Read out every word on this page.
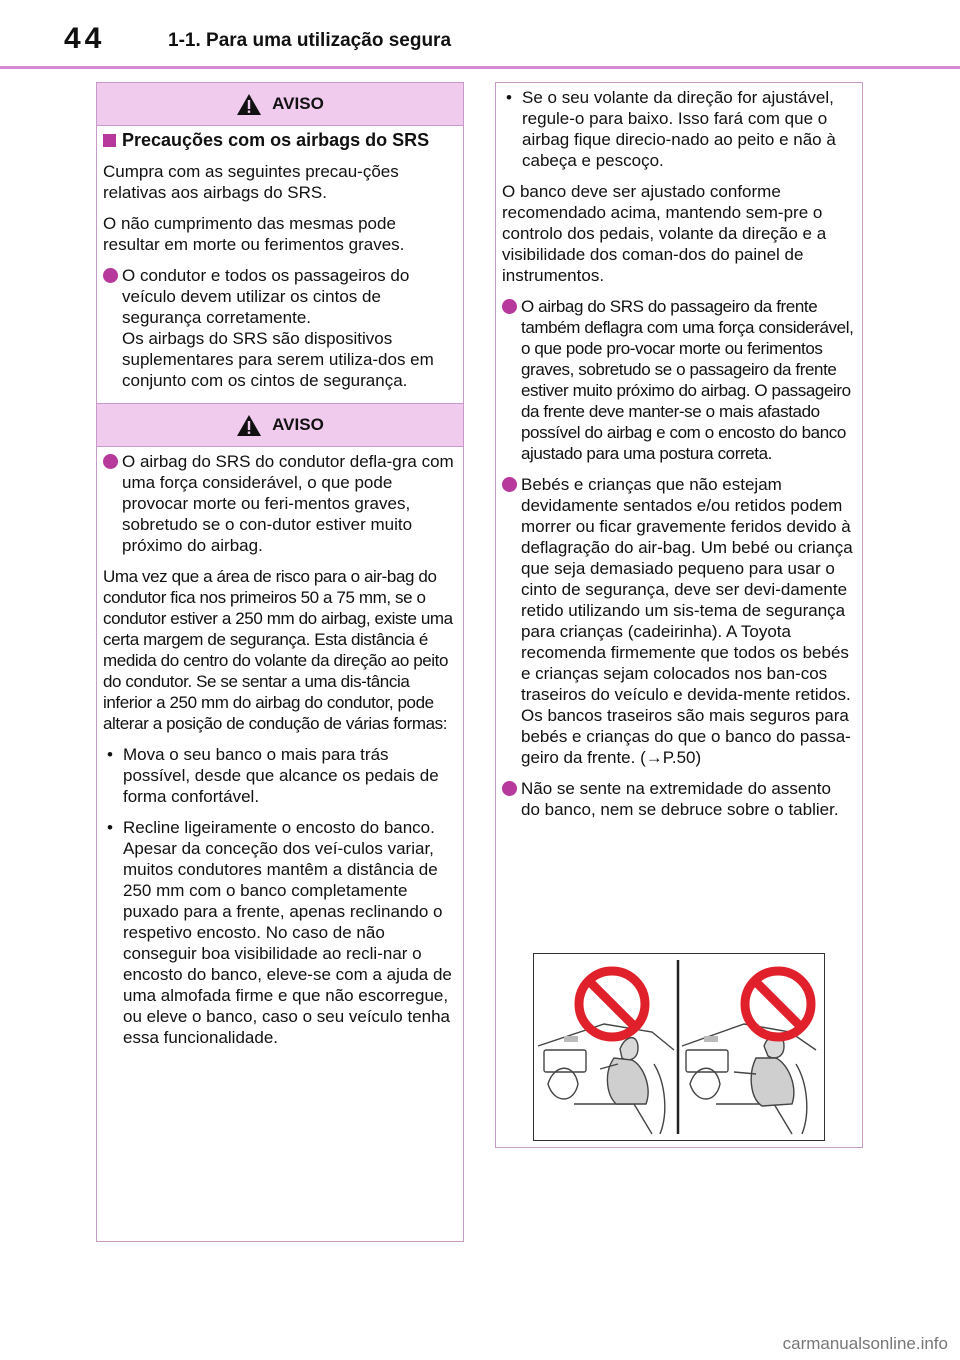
44	1-1. Para uma utilização segura
AVISO
Precauções com os airbags do SRS

Cumpra com as seguintes precau-ções relativas aos airbags do SRS.

O não cumprimento das mesmas pode resultar em morte ou ferimentos graves.

O condutor e todos os passageiros do veículo devem utilizar os cintos de segurança corretamente.
Os airbags do SRS são dispositivos suplementares para serem utiliza-dos em conjunto com os cintos de segurança.
AVISO
O airbag do SRS do condutor defla-gra com uma força considerável, o que pode provocar morte ou feri-mentos graves, sobretudo se o con-dutor estiver muito próximo do airbag.

Uma vez que a área de risco para o air-bag do condutor fica nos primeiros 50 a 75 mm, se o condutor estiver a 250 mm do airbag, existe uma certa margem de segurança. Esta distância é medida do centro do volante da direção ao peito do condutor. Se se sentar a uma dis-tância inferior a 250 mm do airbag do condutor, pode alterar a posição de condução de várias formas:

• Mova o seu banco o mais para trás possível, desde que alcance os pedais de forma confortável.
• Recline ligeiramente o encosto do banco. Apesar da conceção dos veí-culos variar, muitos condutores mantêm a distância de 250 mm com o banco completamente puxado para a frente, apenas reclinando o respetivo encosto. No caso de não conseguir boa visibilidade ao recli-nar o encosto do banco, eleve-se com a ajuda de uma almofada firme e que não escorregue, ou eleve o banco, caso o seu veículo tenha essa funcionalidade.
• Se o seu volante da direção for ajustável, regule-o para baixo. Isso fará com que o airbag fique direcio-nado ao peito e não à cabeça e pescoço.

O banco deve ser ajustado conforme recomendado acima, mantendo sem-pre o controlo dos pedais, volante da direção e a visibilidade dos coman-dos do painel de instrumentos.

O airbag do SRS do passageiro da frente também deflagra com uma força considerável, o que pode pro-vocar morte ou ferimentos graves, sobretudo se o passageiro da frente estiver muito próximo do airbag. O passageiro da frente deve manter-se o mais afastado possível do airbag e com o encosto do banco ajustado para uma postura correta.
Bebés e crianças que não estejam devidamente sentados e/ou retidos podem morrer ou ficar gravemente feridos devido à deflagração do air-bag. Um bebé ou criança que seja demasiado pequeno para usar o cinto de segurança, deve ser devi-damente retido utilizando um sis-tema de segurança para crianças (cadeirinha). A Toyota recomenda firmemente que todos os bebés e crianças sejam colocados nos ban-cos traseiros do veículo e devida-mente retidos. Os bancos traseiros são mais seguros para bebés e crianças do que o banco do passa-geiro da frente. (→P.50)
Não se sente na extremidade do assento do banco, nem se debruce sobre o tablier.
carmanualsonline.info
